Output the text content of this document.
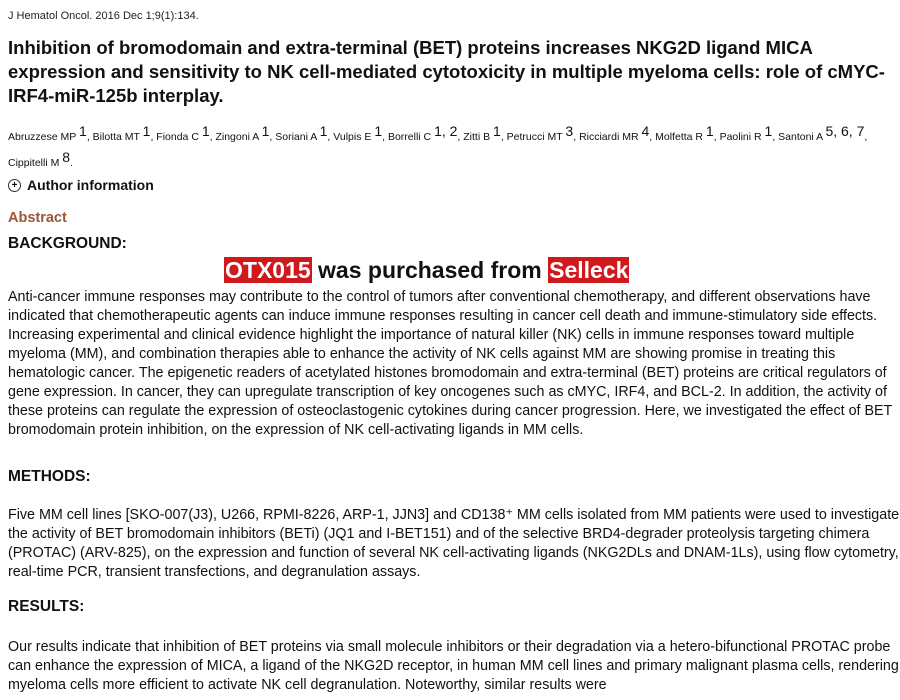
J Hematol Oncol. 2016 Dec 1;9(1):134.
Inhibition of bromodomain and extra-terminal (BET) proteins increases NKG2D ligand MICA expression and sensitivity to NK cell-mediated cytotoxicity in multiple myeloma cells: role of cMYC-IRF4-miR-125b interplay.
Abruzzese MP $^1$, Bilotta MT $^1$, Fionda C $^1$, Zingoni A $^1$, Soriani A $^1$, Vulpis E $^1$, Borrelli C $^{1, 2}$, Zitti B $^1$, Petrucci MT $^3$, Ricciardi MR $^4$, Molfetta R $^1$, Paolini R $^1$, Santoni A $^{5, 6, 7}$, Cippitelli M $^8$.
+ Author information
Abstract
BACKGROUND:

Anti-cancer immune responses may contribute to the control of tumors after conventional chemotherapy, and different observations have indicated that chemotherapeutic agents can induce immune responses resulting in cancer cell death and immune-stimulatory side effects. Increasing experimental and clinical evidence highlight the importance of natural killer (NK) cells in immune responses toward multiple myeloma (MM), and combination therapies able to enhance the activity of NK cells against MM are showing promise in treating this hematologic cancer. The epigenetic readers of acetylated histones bromodomain and extra-terminal (BET) proteins are critical regulators of gene expression. In cancer, they can upregulate transcription of key oncogenes such as cMYC, IRF4, and BCL-2. In addition, the activity of these proteins can regulate the expression of osteoclastogenic cytokines during cancer progression. Here, we investigated the effect of BET bromodomain protein inhibition, on the expression of NK cell-activating ligands in MM cells.

METHODS:

Five MM cell lines [SKO-007(J3), U266, RPMI-8226, ARP-1, JJN3] and CD138⁺ MM cells isolated from MM patients were used to investigate the activity of BET bromodomain inhibitors (BETi) (JQ1 and I-BET151) and of the selective BRD4-degrader proteolysis targeting chimera (PROTAC) (ARV-825), on the expression and function of several NK cell-activating ligands (NKG2DLs and DNAM-1Ls), using flow cytometry, real-time PCR, transient transfections, and degranulation assays.

RESULTS:

Our results indicate that inhibition of BET proteins via small molecule inhibitors or their degradation via a hetero-bifunctional PROTAC probe can enhance the expression of MICA, a ligand of the NKG2D receptor, in human MM cell lines and primary malignant plasma cells, rendering myeloma cells more efficient to activate NK cell degranulation. Noteworthy, similar results were

OTX015 was purchased from Selleck
